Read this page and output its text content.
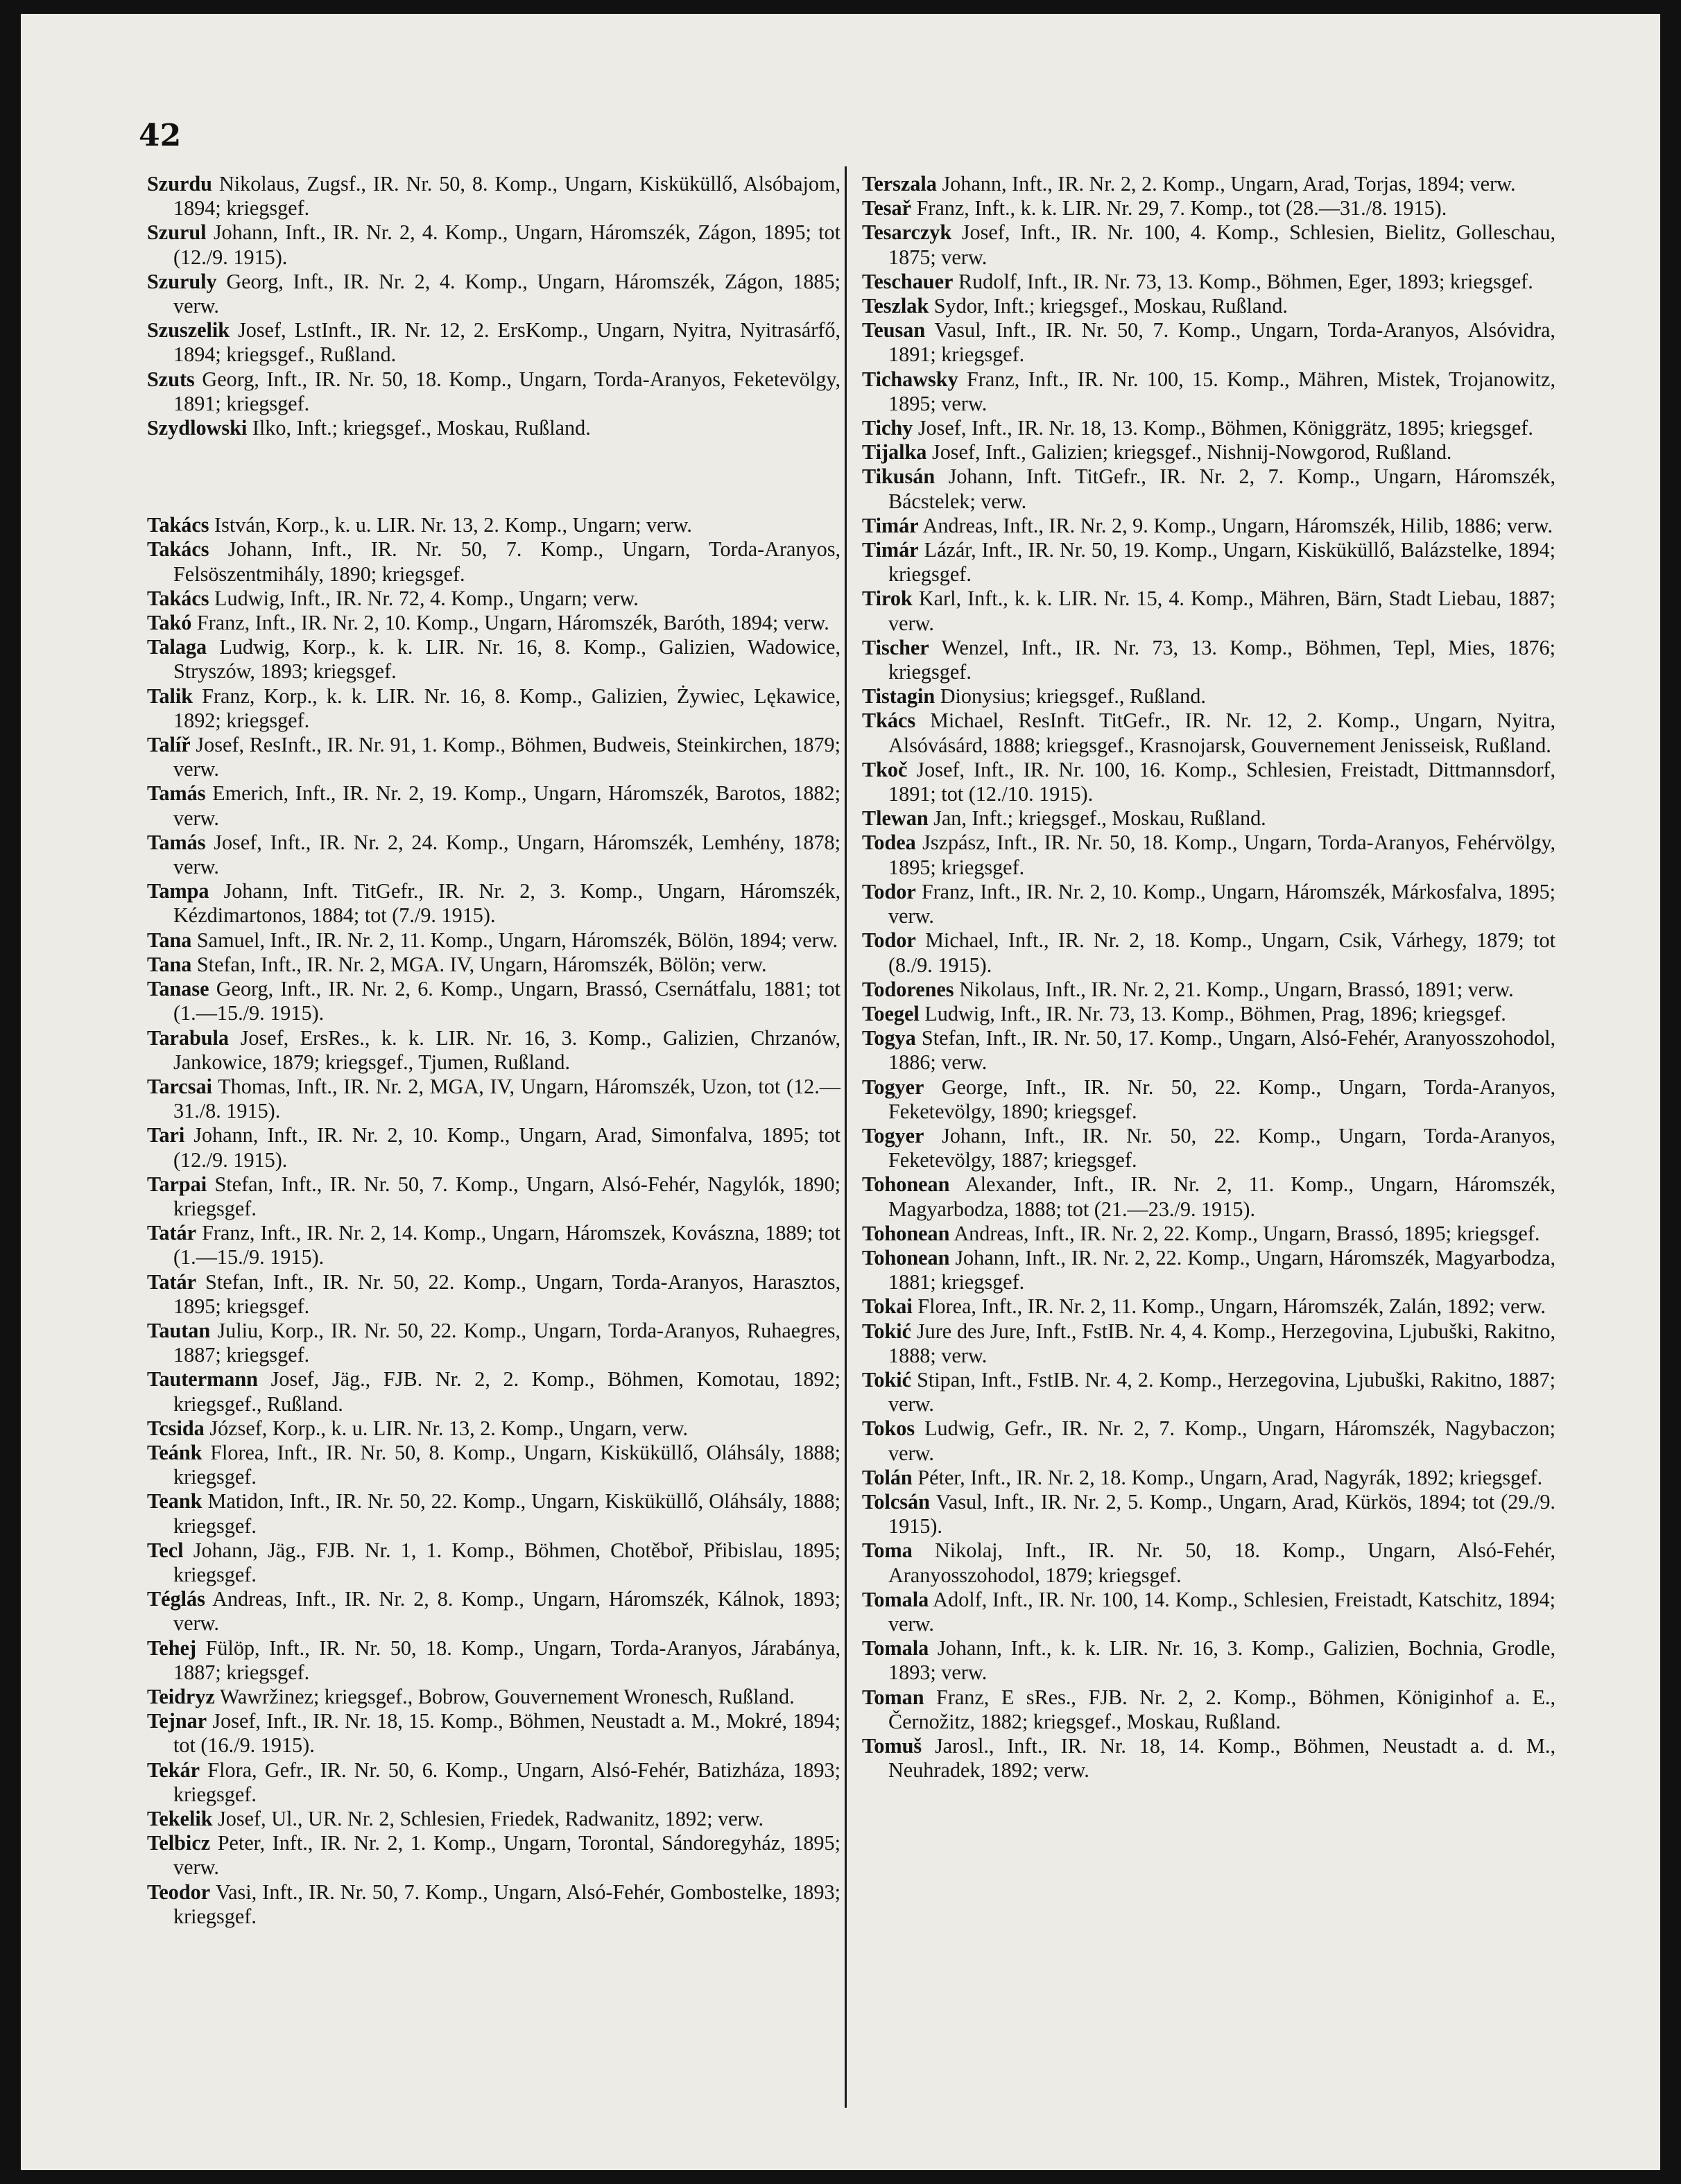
42

Szurdu Nikolaus, Zugsf., IR. Nr. 50, 8. Komp., Ungarn, Kisküküllő, Alsóbajom, 1894; kriegsgef.

Szurul Johann, Inft., IR. Nr. 2, 4. Komp., Ungarn, Háromszék, Zágon, 1895; tot (12./9. 1915).

Szuruly Georg, Inft., IR. Nr. 2, 4. Komp., Ungarn, Háromszék, Zágon, 1885; verw.

Szuszelik Josef, LstInft., IR. Nr. 12, 2. ErsKomp., Ungarn, Nyitra, Nyitrasárfő, 1894; kriegsgef., Rußland.

Szuts Georg, Inft., IR. Nr. 50, 18. Komp., Ungarn, Torda-Aranyos, Feketevölgy, 1891; kriegsgef.

Szydlowski Ilko, Inft.; kriegsgef., Moskau, Rußland.

Takács István, Korp., k. u. LIR. Nr. 13, 2. Komp., Ungarn; verw.

Takács Johann, Inft., IR. Nr. 50, 7. Komp., Ungarn, Torda-Aranyos, Felsöszentmihály, 1890; kriegsgef.

Takács Ludwig, Inft., IR. Nr. 72, 4. Komp., Ungarn; verw.

Takó Franz, Inft., IR. Nr. 2, 10. Komp., Ungarn, Háromszék, Baróth, 1894; verw.

Talaga Ludwig, Korp., k. k. LIR. Nr. 16, 8. Komp., Galizien, Wadowice, Stryszów, 1893; kriegsgef.

Talik Franz, Korp., k. k. LIR. Nr. 16, 8. Komp., Galizien, Żywiec, Lękawice, 1892; kriegsgef.

Talíř Josef, ResInft., IR. Nr. 91, 1. Komp., Böhmen, Budweis, Steinkirchen, 1879; verw.

Tamás Emerich, Inft., IR. Nr. 2, 19. Komp., Ungarn, Háromszék, Barotos, 1882; verw.

Tamás Josef, Inft., IR. Nr. 2, 24. Komp., Ungarn, Háromszék, Lemhény, 1878; verw.

Tampa Johann, Inft. TitGefr., IR. Nr. 2, 3. Komp., Ungarn, Háromszék, Kézdimartonos, 1884; tot (7./9. 1915).

Tana Samuel, Inft., IR. Nr. 2, 11. Komp., Ungarn, Háromszék, Bölön, 1894; verw.

Tana Stefan, Inft., IR. Nr. 2, MGA. IV, Ungarn, Háromszék, Bölön; verw.

Tanase Georg, Inft., IR. Nr. 2, 6. Komp., Ungarn, Brassó, Csernátfalu, 1881; tot (1.—15./9. 1915).

Tarabula Josef, ErsRes., k. k. LIR. Nr. 16, 3. Komp., Galizien, Chrzanów, Jankowice, 1879; kriegsgef., Tjumen, Rußland.

Tarcsai Thomas, Inft., IR. Nr. 2, MGA, IV, Ungarn, Háromszék, Uzon, tot (12.—31./8. 1915).

Tari Johann, Inft., IR. Nr. 2, 10. Komp., Ungarn, Arad, Simonfalva, 1895; tot (12./9. 1915).

Tarpai Stefan, Inft., IR. Nr. 50, 7. Komp., Ungarn, Alsó-Fehér, Nagylók, 1890; kriegsgef.

Tatár Franz, Inft., IR. Nr. 2, 14. Komp., Ungarn, Háromszek, Kovászna, 1889; tot (1.—15./9. 1915).

Tatár Stefan, Inft., IR. Nr. 50, 22. Komp., Ungarn, Torda-Aranyos, Harasztos, 1895; kriegsgef.

Tautan Juliu, Korp., IR. Nr. 50, 22. Komp., Ungarn, Torda-Aranyos, Ruhaegres, 1887; kriegsgef.

Tautermann Josef, Jäg., FJB. Nr. 2, 2. Komp., Böhmen, Komotau, 1892; kriegsgef., Rußland.

Tcsida József, Korp., k. u. LIR. Nr. 13, 2. Komp., Ungarn, verw.

Teánk Florea, Inft., IR. Nr. 50, 8. Komp., Ungarn, Kisküküllő, Oláhsály, 1888; kriegsgef.

Teank Matidon, Inft., IR. Nr. 50, 22. Komp., Ungarn, Kisküküllő, Oláhsály, 1888; kriegsgef.

Tecl Johann, Jäg., FJB. Nr. 1, 1. Komp., Böhmen, Chotěboř, Přibislau, 1895; kriegsgef.

Téglás Andreas, Inft., IR. Nr. 2, 8. Komp., Ungarn, Háromszék, Kálnok, 1893; verw.

Tehej Fülöp, Inft., IR. Nr. 50, 18. Komp., Ungarn, Torda-Aranyos, Járabánya, 1887; kriegsgef.

Teidryz Wawržinez; kriegsgef., Bobrow, Gouvernement Wronesch, Rußland.

Tejnar Josef, Inft., IR. Nr. 18, 15. Komp., Böhmen, Neustadt a. M., Mokré, 1894; tot (16./9. 1915).

Tekár Flora, Gefr., IR. Nr. 50, 6. Komp., Ungarn, Alsó-Fehér, Batizháza, 1893; kriegsgef.

Tekelik Josef, Ul., UR. Nr. 2, Schlesien, Friedek, Radwanitz, 1892; verw.

Telbicz Peter, Inft., IR. Nr. 2, 1. Komp., Ungarn, Torontal, Sándoregyház, 1895; verw.

Teodor Vasi, Inft., IR. Nr. 50, 7. Komp., Ungarn, Alsó-Fehér, Gombostelke, 1893; kriegsgef.

Terszala Johann, Inft., IR. Nr. 2, 2. Komp., Ungarn, Arad, Torjas, 1894; verw.

Tesař Franz, Inft., k. k. LIR. Nr. 29, 7. Komp., tot (28.—31./8. 1915).

Tesarczyk Josef, Inft., IR. Nr. 100, 4. Komp., Schlesien, Bielitz, Golleschau, 1875; verw.

Teschauer Rudolf, Inft., IR. Nr. 73, 13. Komp., Böhmen, Eger, 1893; kriegsgef.

Teszlak Sydor, Inft.; kriegsgef., Moskau, Rußland.

Teusan Vasul, Inft., IR. Nr. 50, 7. Komp., Ungarn, Torda-Aranyos, Alsóvidra, 1891; kriegsgef.

Tichawsky Franz, Inft., IR. Nr. 100, 15. Komp., Mähren, Mistek, Trojanowitz, 1895; verw.

Tichy Josef, Inft., IR. Nr. 18, 13. Komp., Böhmen, Königgrätz, 1895; kriegsgef.

Tijalka Josef, Inft., Galizien; kriegsgef., Nishnij-Nowgorod, Rußland.

Tikusán Johann, Inft. TitGefr., IR. Nr. 2, 7. Komp., Ungarn, Háromszék, Bácstelek; verw.

Timár Andreas, Inft., IR. Nr. 2, 9. Komp., Ungarn, Háromszék, Hilib, 1886; verw.

Timár Lázár, Inft., IR. Nr. 50, 19. Komp., Ungarn, Kisküküllő, Balázstelke, 1894; kriegsgef.

Tirok Karl, Inft., k. k. LIR. Nr. 15, 4. Komp., Mähren, Bärn, Stadt Liebau, 1887; verw.

Tischer Wenzel, Inft., IR. Nr. 73, 13. Komp., Böhmen, Tepl, Mies, 1876; kriegsgef.

Tistagin Dionysius; kriegsgef., Rußland.

Tkács Michael, ResInft. TitGefr., IR. Nr. 12, 2. Komp., Ungarn, Nyitra, Alsóvásárd, 1888; kriegsgef., Krasnojarsk, Gouvernement Jenisseisk, Rußland.

Tkoč Josef, Inft., IR. Nr. 100, 16. Komp., Schlesien, Freistadt, Dittmannsdorf, 1891; tot (12./10. 1915).

Tlewan Jan, Inft.; kriegsgef., Moskau, Rußland.

Todea Jszpász, Inft., IR. Nr. 50, 18. Komp., Ungarn, Torda-Aranyos, Fehérvölgy, 1895; kriegsgef.

Todor Franz, Inft., IR. Nr. 2, 10. Komp., Ungarn, Háromszék, Márkosfalva, 1895; verw.

Todor Michael, Inft., IR. Nr. 2, 18. Komp., Ungarn, Csik, Várhegy, 1879; tot (8./9. 1915).

Todorenes Nikolaus, Inft., IR. Nr. 2, 21. Komp., Ungarn, Brassó, 1891; verw.

Toegel Ludwig, Inft., IR. Nr. 73, 13. Komp., Böhmen, Prag, 1896; kriegsgef.

Togya Stefan, Inft., IR. Nr. 50, 17. Komp., Ungarn, Alsó-Fehér, Aranyosszohodol, 1886; verw.

Togyer George, Inft., IR. Nr. 50, 22. Komp., Ungarn, Torda-Aranyos, Feketevölgy, 1890; kriegsgef.

Togyer Johann, Inft., IR. Nr. 50, 22. Komp., Ungarn, Torda-Aranyos, Feketevölgy, 1887; kriegsgef.

Tohonean Alexander, Inft., IR. Nr. 2, 11. Komp., Ungarn, Háromszék, Magyarbodza, 1888; tot (21.—23./9. 1915).

Tohonean Andreas, Inft., IR. Nr. 2, 22. Komp., Ungarn, Brassó, 1895; kriegsgef.

Tohonean Johann, Inft., IR. Nr. 2, 22. Komp., Ungarn, Háromszék, Magyarbodza, 1881; kriegsgef.

Tokai Florea, Inft., IR. Nr. 2, 11. Komp., Ungarn, Háromszék, Zalán, 1892; verw.

Tokić Jure des Jure, Inft., FstIB. Nr. 4, 4. Komp., Herzegovina, Ljubuški, Rakitno, 1888; verw.

Tokić Stipan, Inft., FstIB. Nr. 4, 2. Komp., Herzegovina, Ljubuški, Rakitno, 1887; verw.

Tokos Ludwig, Gefr., IR. Nr. 2, 7. Komp., Ungarn, Háromszék, Nagybaczon; verw.

Tolán Péter, Inft., IR. Nr. 2, 18. Komp., Ungarn, Arad, Nagyrák, 1892; kriegsgef.

Tolcsán Vasul, Inft., IR. Nr. 2, 5. Komp., Ungarn, Arad, Kürkös, 1894; tot (29./9. 1915).

Toma Nikolaj, Inft., IR. Nr. 50, 18. Komp., Ungarn, Alsó-Fehér, Aranyosszohodol, 1879; kriegsgef.

Tomala Adolf, Inft., IR. Nr. 100, 14. Komp., Schlesien, Freistadt, Katschitz, 1894; verw.

Tomala Johann, Inft., k. k. LIR. Nr. 16, 3. Komp., Galizien, Bochnia, Grodle, 1893; verw.

Toman Franz, E sRes., FJB. Nr. 2, 2. Komp., Böhmen, Königinhof a. E., Černožitz, 1882; kriegsgef., Moskau, Rußland.

Tomuš Jarosl., Inft., IR. Nr. 18, 14. Komp., Böhmen, Neustadt a. d. M., Neuhradek, 1892; verw.
